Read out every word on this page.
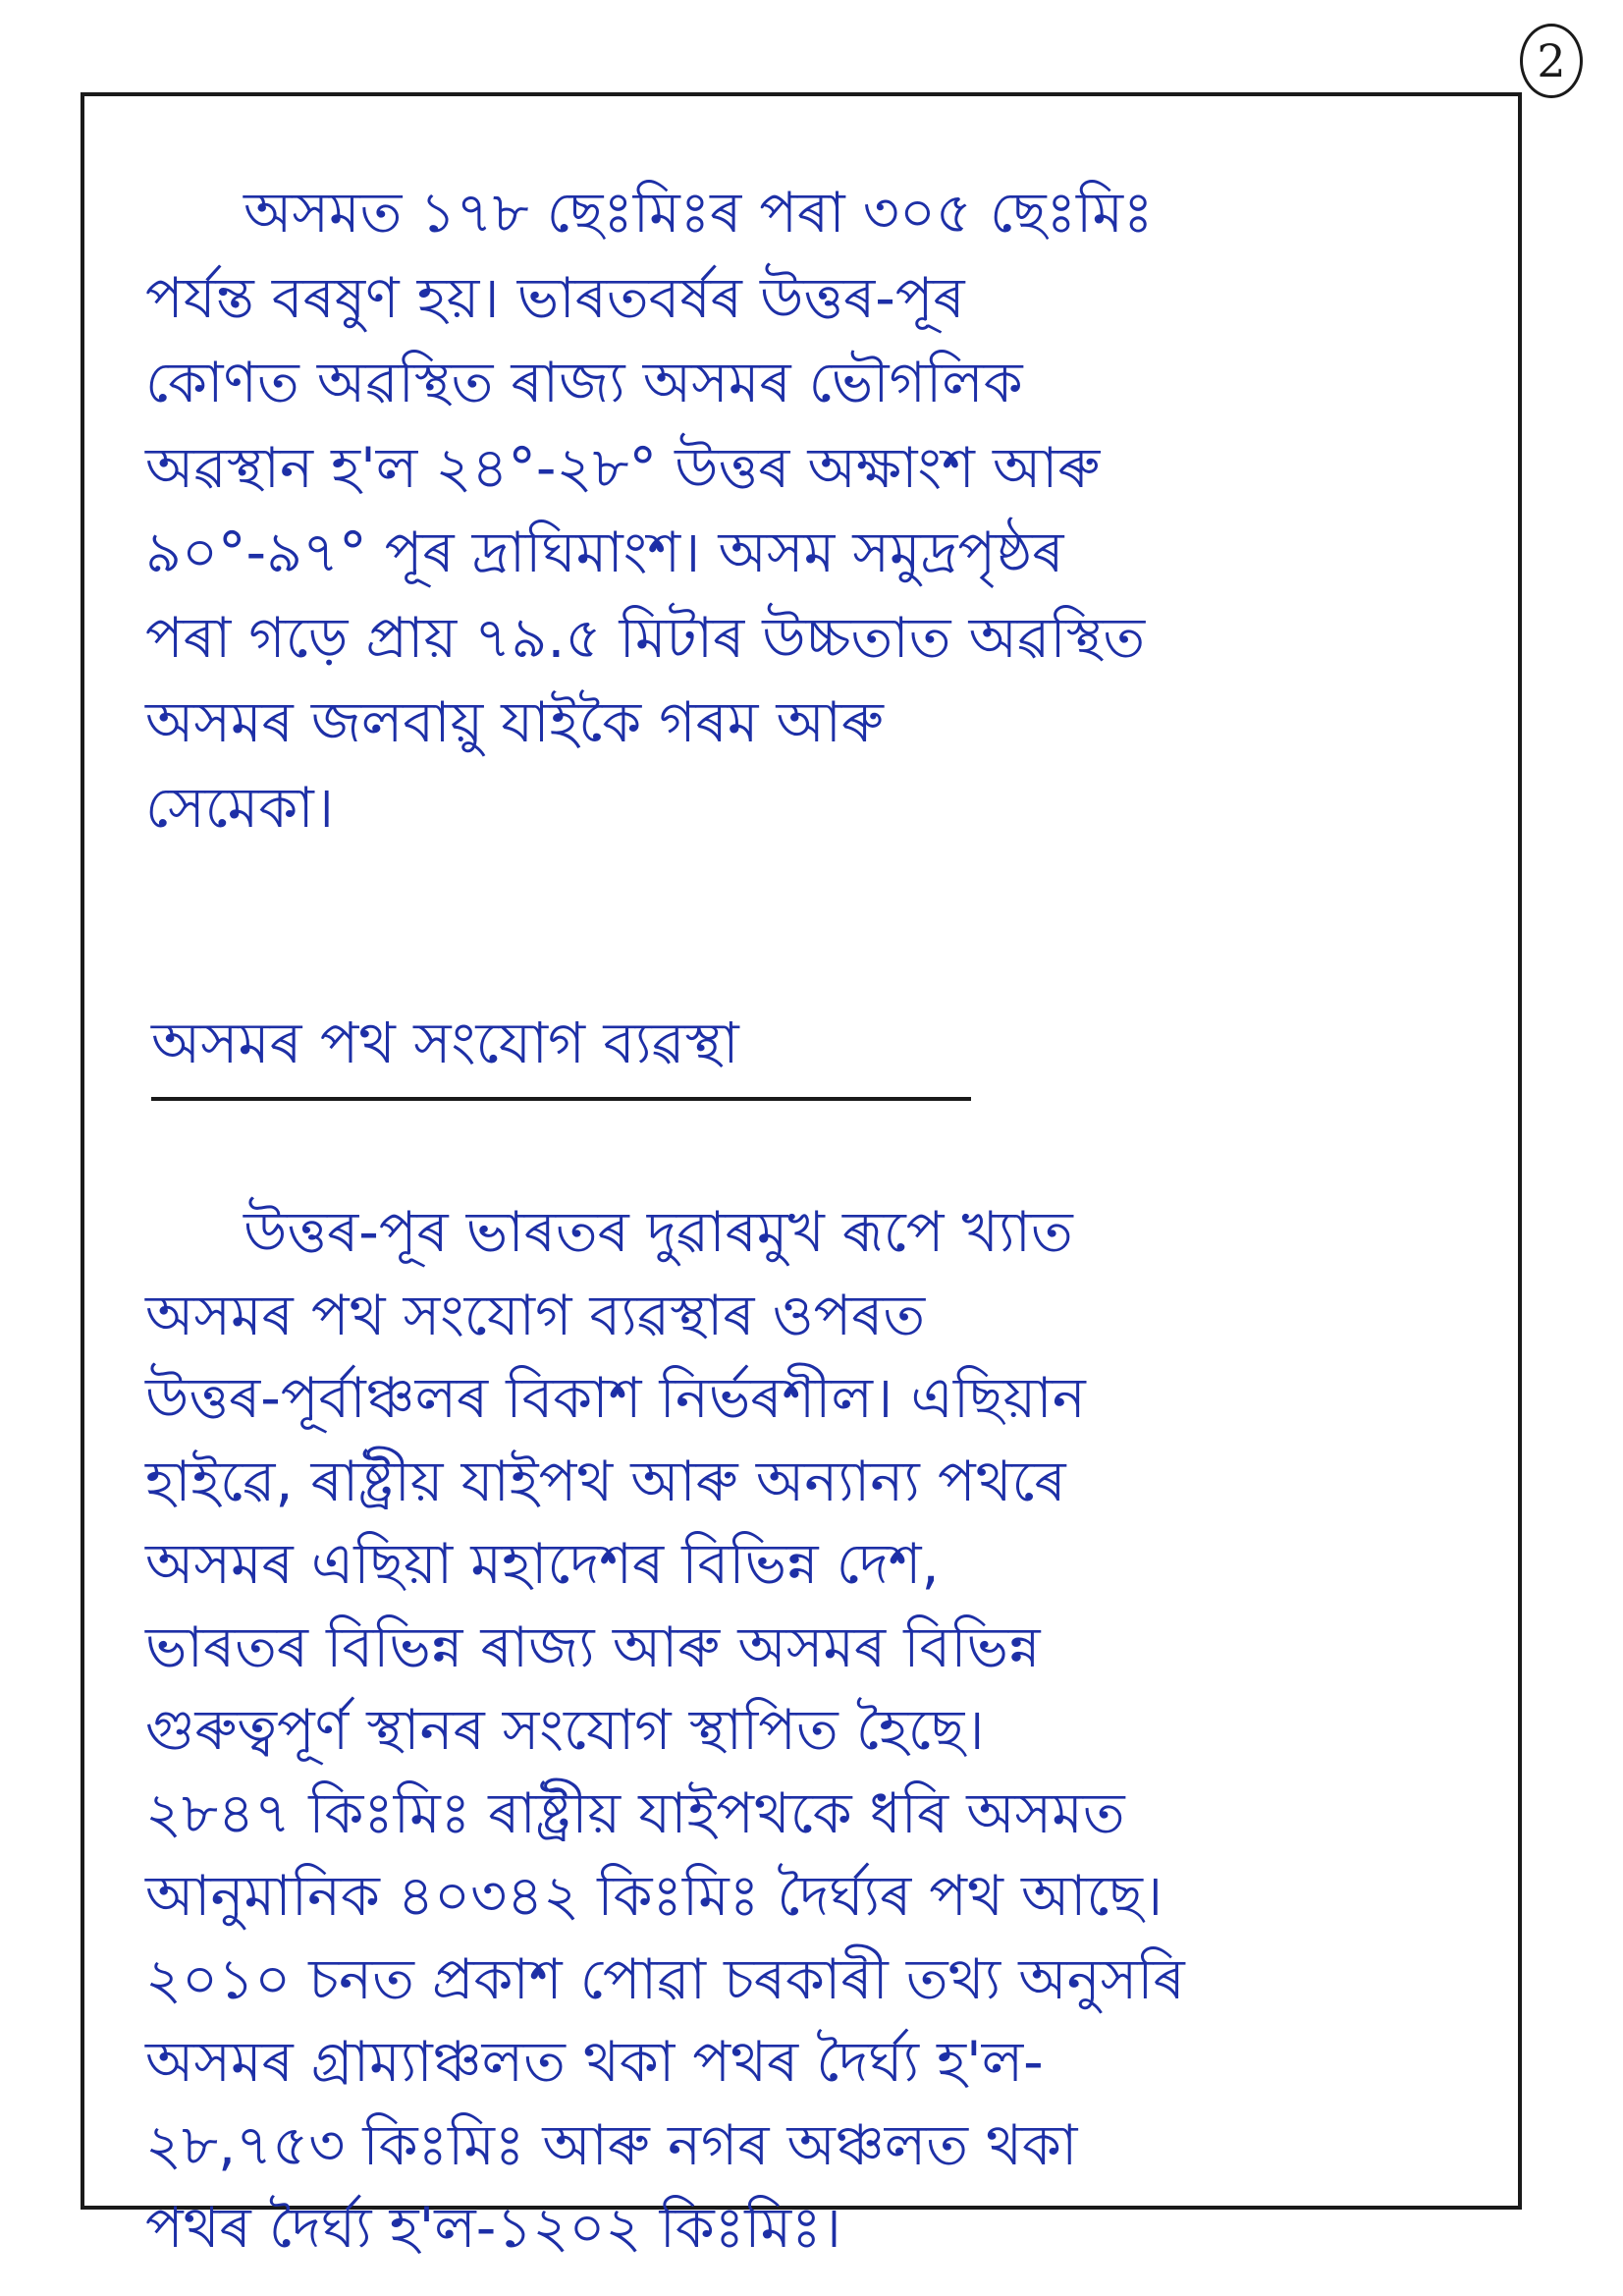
2

অসমত ১৭৮ ছেঃমিঃৰ পৰা ৩০৫ ছেঃমিঃ
পর্যন্ত বৰষুণ হয়। ভাৰতবর্ষৰ উত্তৰ-পূৰ
কোণত অৱস্থিত ৰাজ্য অসমৰ ভৌগলিক
অৱস্থান হ'ল ২৪°-২৮° উত্তৰ অক্ষাংশ আৰু
৯০°-৯৭° পূৰ দ্ৰাঘিমাংশ। অসম সমুদ্ৰপৃষ্ঠৰ
পৰা গড়ে প্ৰায় ৭৯.৫ মিটাৰ উচ্চতাত অৱস্থিত
অসমৰ জলবায়ু যাইকৈ গৰম আৰু
সেমেকা।

অসমৰ পথ সংযোগ ব্যৱস্থা

উত্তৰ-পূৰ ভাৰতৰ দুৱাৰমুখ ৰূপে খ্যাত
অসমৰ পথ সংযোগ ব্যৱস্থাৰ ওপৰত
উত্তৰ-পূর্বাঞ্চলৰ বিকাশ নির্ভৰশীল। এছিয়ান
হাইৱে, ৰাষ্ট্ৰীয় যাইপথ আৰু অন্যান্য পথৰে
অসমৰ এছিয়া মহাদেশৰ বিভিন্ন দেশ,
ভাৰতৰ বিভিন্ন ৰাজ্য আৰু অসমৰ বিভিন্ন
গুৰুত্বপূর্ণ স্থানৰ সংযোগ স্থাপিত হৈছে।
২৮৪৭ কিঃমিঃ ৰাষ্ট্ৰীয় যাইপথকে ধৰি অসমত
আনুমানিক ৪০৩৪২ কিঃমিঃ দৈর্ঘ্যৰ পথ আছে।
২০১০ চনত প্ৰকাশ পোৱা চৰকাৰী তথ্য অনুসৰি
অসমৰ গ্ৰাম্যাঞ্চলত থকা পথৰ দৈর্ঘ্য হ'ল-
২৮,৭৫৩ কিঃমিঃ আৰু নগৰ অঞ্চলত থকা
পথৰ দৈর্ঘ্য হ'ল-১২০২ কিঃমিঃ।
